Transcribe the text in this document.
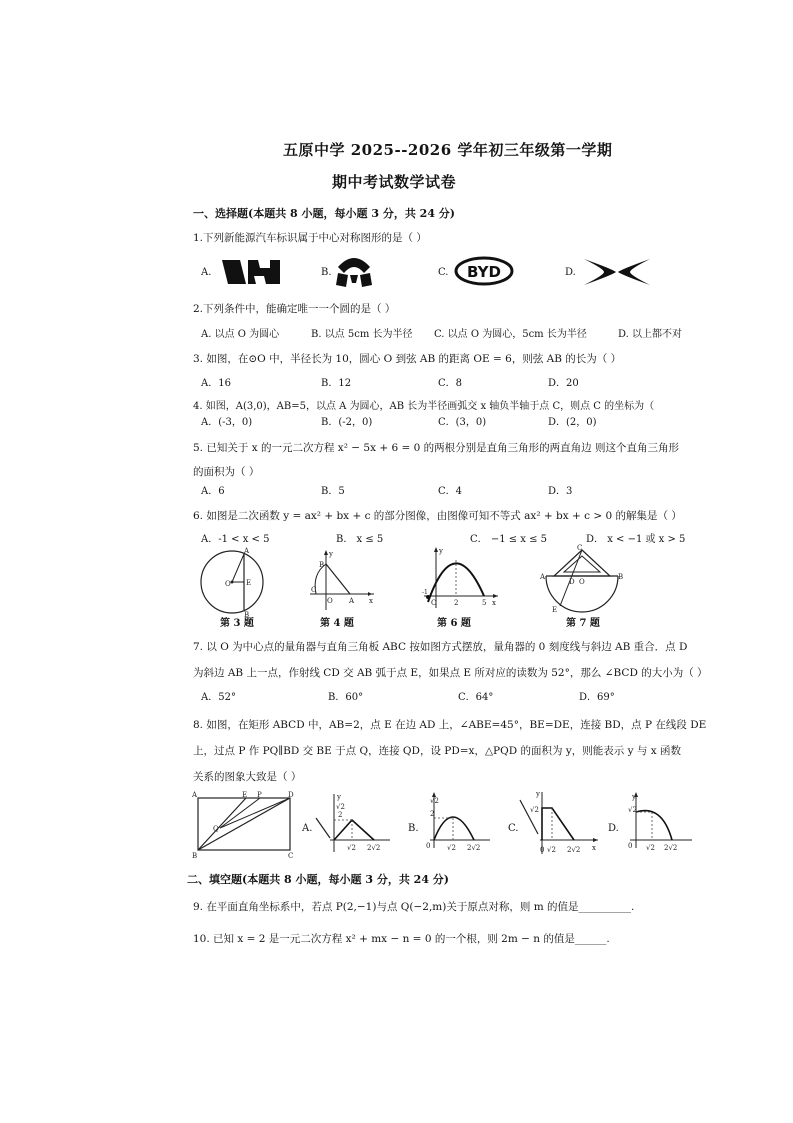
五原中学 2025--2026 学年初三年级第一学期
期中考试数学试卷
一、选择题(本题共 8 小题，每小题 3 分，共 24 分)
1.下列新能源汽车标识属于中心对称图形的是（ ）
A.	B.	C.	D.
BYD
2.下列条件中，能确定唯一一个圆的是（ ）
A. 以点 O 为圆心	B. 以点 5cm 长为半径 C. 以点 O 为圆心，5cm 长为半径	D. 以上都不对
3. 如图，在⊙O 中，半径长为 10，圆心 O 到弦 AB 的距离 OE = 6，则弦 AB 的长为（ ）
A．16	B．12	C．8	D．20
4. 如图，A(3,0)，AB=5，以点 A 为圆心，AB 长为半径画弧交 x 轴负半轴于点 C，则点 C 的坐标为（
A．(-3，0)	B．(-2，0)	C．(3，0)	D．(2，0)
5. 已知关于 x 的一元二次方程 x² − 5x + 6 = 0 的两根分别是直角三角形的两直角边 则这个直角三角形
的面积为（ ）
A．6	B．5	C．4	D．3
6. 如图是二次函数 y = ax² + bx + c 的部分图像，由图像可知不等式 ax² + bx + c > 0 的解集是（ ）
A．-1 < x < 5	B． x ≤ 5	C． −1 ≤ x ≤ 5	D． x < −1 或 x > 5
A
O E
B
y
B
C
O A x
y
O
-1
2	5 x
C
A
D O
B
E
第 3 题	第 4 题	第 6 题	第 7 题
7. 以 O 为中心点的量角器与直角三角板 ABC 按如图方式摆放，量角器的 0 刻度线与斜边 AB 重合．点 D
为斜边 AB 上一点，作射线 CD 交 AB 弧于点 E，如果点 E 所对应的读数为 52°，那么 ∠BCD 的大小为（ ）
A．52°	B．60°	C．64°	D．69°
8. 如图，在矩形 ABCD 中，AB=2，点 E 在边 AD 上，∠ABE=45°，BE=DE，连接 BD，点 P 在线段 DE
上，过点 P 作 PQ∥BD 交 BE 于点 Q，连接 QD，设 PD=x，△PQD 的面积为 y，则能表示 y 与 x 函数
关系的图象大致是（ ）
A	E P	D
Q
B	C
A.	B.	C.	D.
y
√2
2
√2 2√2
√2
2
0 √2 2√2
y
√2
0 √2 2√2 x
y
√2
0 √2 2√2
二、填空题(本题共 8 小题，每小题 3 分，共 24 分)
9. 在平面直角坐标系中，若点 P(2,−1)与点 Q(−2,m)关于原点对称，则 m 的值是__________.
10. 已知 x = 2 是一元二次方程 x² + mx − n = 0 的一个根，则 2m − n 的值是______.
